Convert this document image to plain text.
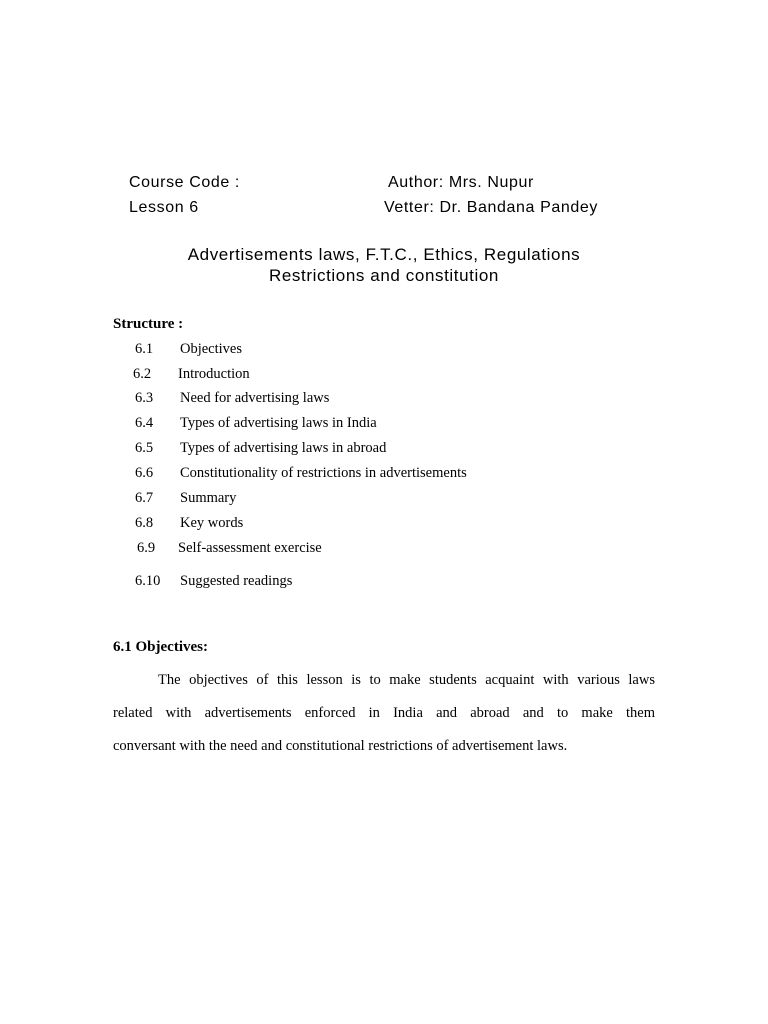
Course Code :	Author: Mrs. Nupur
Lesson 6	Vetter: Dr. Bandana Pandey
Advertisements laws, F.T.C., Ethics, Regulations
Restrictions and constitution
Structure :
6.1 Objectives
6.2 Introduction
6.3 Need for advertising laws
6.4 Types of advertising laws in India
6.5 Types of advertising laws in abroad
6.6 Constitutionality of restrictions in advertisements
6.7 Summary
6.8 Key words
6.9 Self-assessment exercise
6.10 Suggested readings
6.1 Objectives:
The objectives of this lesson is to make students acquaint with various laws
related with advertisements enforced in India and abroad and to make them
conversant with the need and constitutional restrictions of advertisement laws.
